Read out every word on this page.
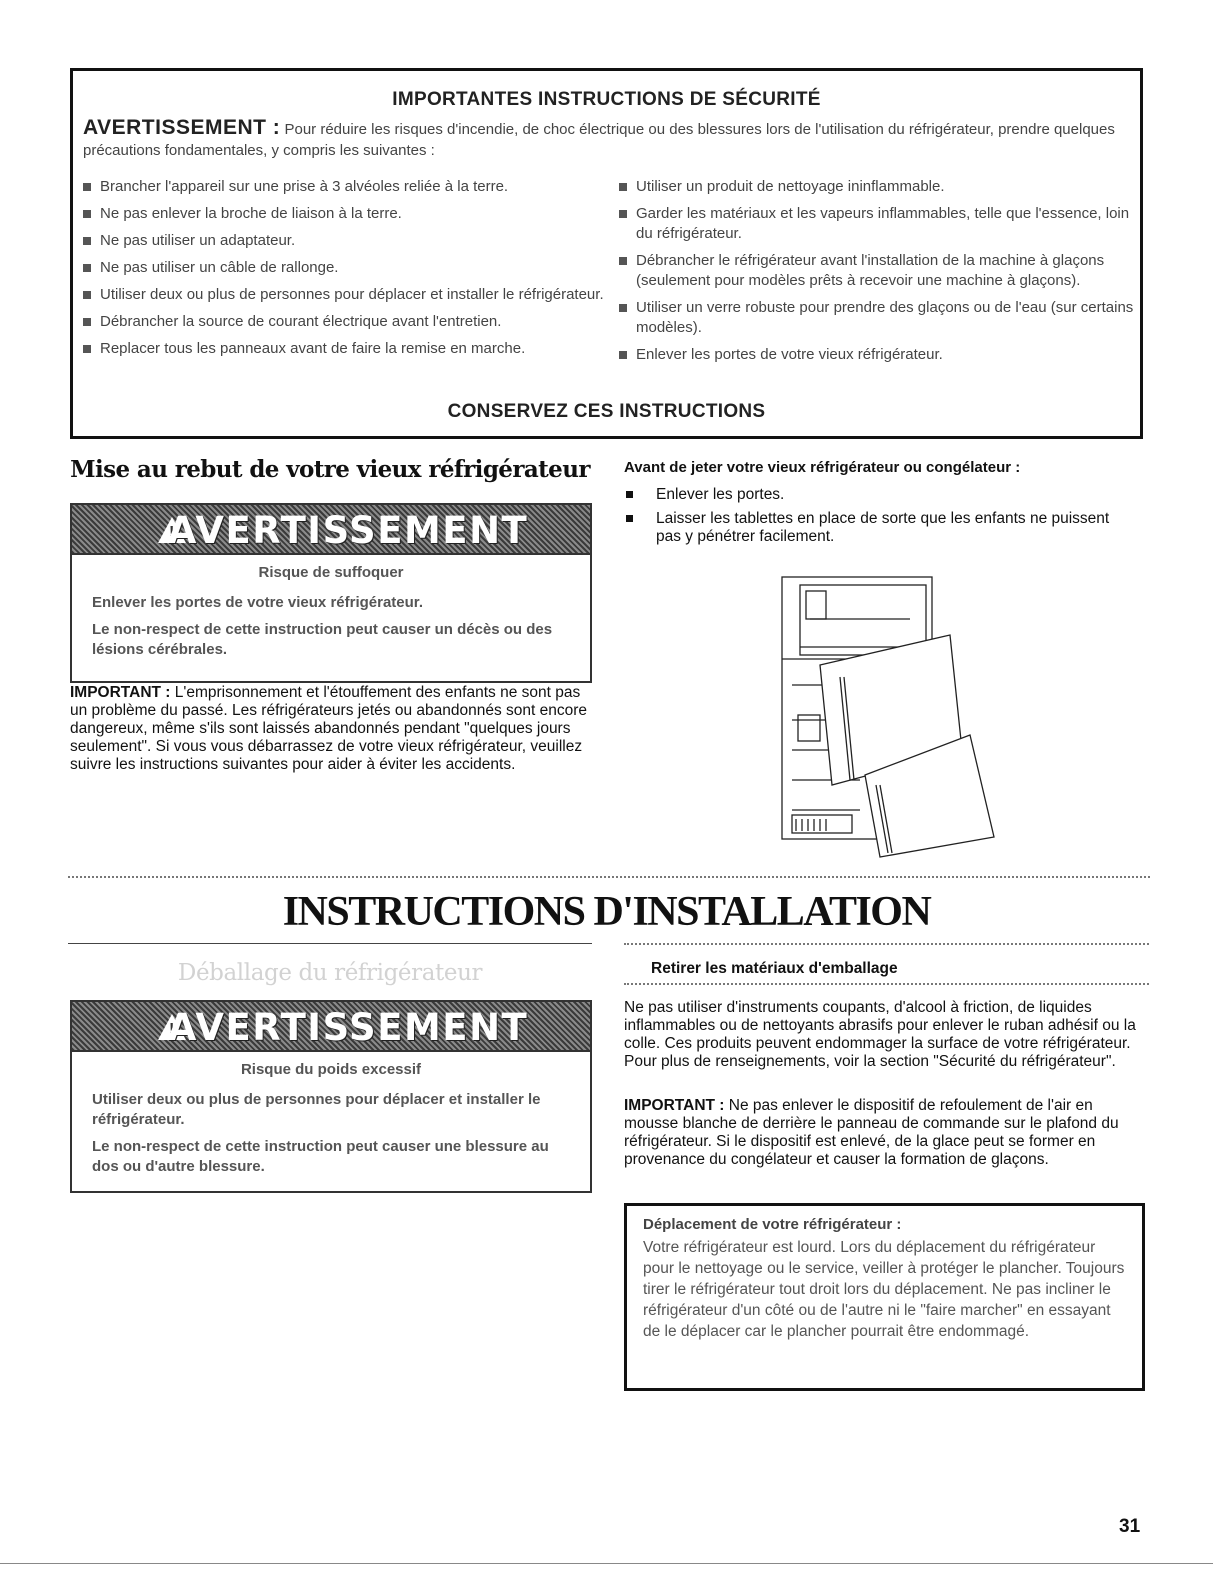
IMPORTANTES INSTRUCTIONS DE SÉCURITÉ
AVERTISSEMENT : Pour réduire les risques d'incendie, de choc électrique ou des blessures lors de l'utilisation du réfrigérateur, prendre quelques précautions fondamentales, y compris les suivantes :
Brancher l'appareil sur une prise à 3 alvéoles reliée à la terre.
Ne pas enlever la broche de liaison à la terre.
Ne pas utiliser un adaptateur.
Ne pas utiliser un câble de rallonge.
Utiliser deux ou plus de personnes pour déplacer et installer le réfrigérateur.
Débrancher la source de courant électrique avant l'entretien.
Replacer tous les panneaux avant de faire la remise en marche.
Utiliser un produit de nettoyage ininflammable.
Garder les matériaux et les vapeurs inflammables, telle que l'essence, loin du réfrigérateur.
Débrancher le réfrigérateur avant l'installation de la machine à glaçons (seulement pour modèles prêts à recevoir une machine à glaçons).
Utiliser un verre robuste pour prendre des glaçons ou de l'eau (sur certains modèles).
Enlever les portes de votre vieux réfrigérateur.
CONSERVEZ CES INSTRUCTIONS
Mise au rebut de votre vieux réfrigérateur
!
AVERTISSEMENT
Risque de suffoquer

Enlever les portes de votre vieux réfrigérateur.

Le non-respect de cette instruction peut causer un décès ou des lésions cérébrales.

IMPORTANT : L'emprisonnement et l'étouffement des enfants ne sont pas un problème du passé. Les réfrigérateurs jetés ou abandonnés sont encore dangereux, même s'ils sont laissés abandonnés pendant "quelques jours seulement". Si vous vous débarrassez de votre vieux réfrigérateur, veuillez suivre les instructions suivantes pour aider à éviter les accidents.
Avant de jeter votre vieux réfrigérateur ou congélateur :
Enlever les portes.
Laisser les tablettes en place de sorte que les enfants ne puissent pas y pénétrer facilement.
INSTRUCTIONS D'INSTALLATION
Déballage du réfrigérateur
!
AVERTISSEMENT
Risque du poids excessif

Utiliser deux ou plus de personnes pour déplacer et installer le réfrigérateur.

Le non-respect de cette instruction peut causer une blessure au dos ou d'autre blessure.

Retirer les matériaux d'emballage
Ne pas utiliser d'instruments coupants, d'alcool à friction, de liquides inflammables ou de nettoyants abrasifs pour enlever le ruban adhésif ou la colle. Ces produits peuvent endommager la surface de votre réfrigérateur. Pour plus de renseignements, voir la section "Sécurité du réfrigérateur".
IMPORTANT : Ne pas enlever le dispositif de refoulement de l'air en mousse blanche de derrière le panneau de commande sur le plafond du réfrigérateur. Si le dispositif est enlevé, de la glace peut se former en provenance du congélateur et causer la formation de glaçons.
Déplacement de votre réfrigérateur :
Votre réfrigérateur est lourd. Lors du déplacement du réfrigérateur pour le nettoyage ou le service, veiller à protéger le plancher. Toujours tirer le réfrigérateur tout droit lors du déplacement. Ne pas incliner le réfrigérateur d'un côté ou de l'autre ni le "faire marcher" en essayant de le déplacer car le plancher pourrait être endommagé.
31
